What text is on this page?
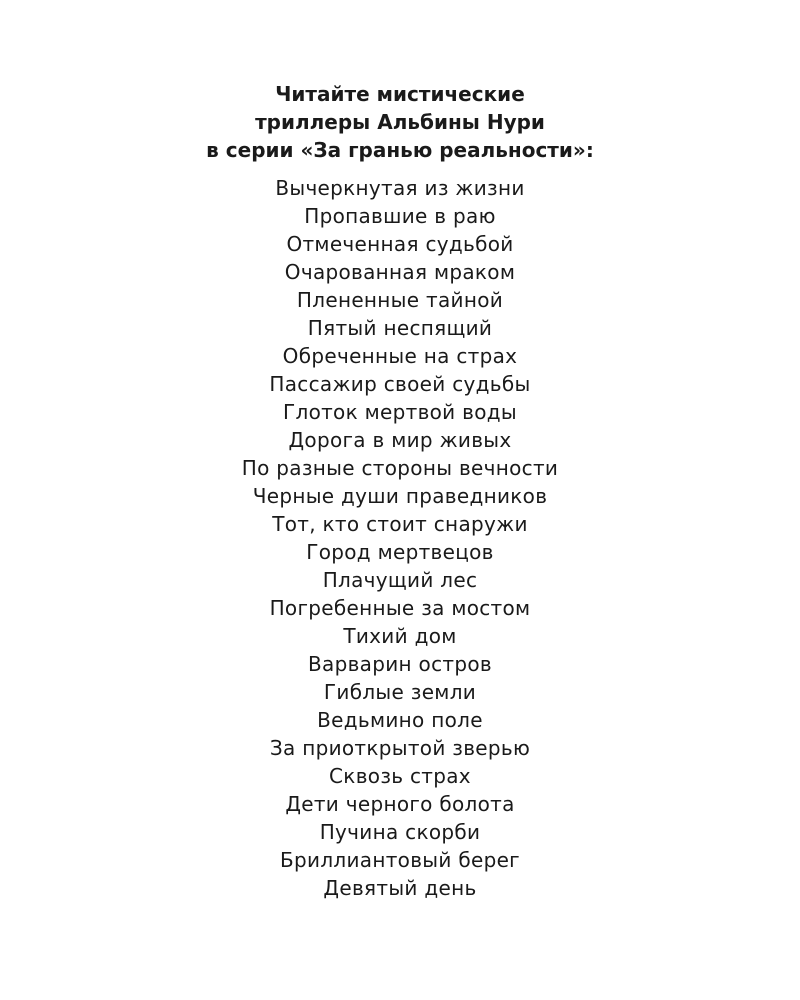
Читайте мистические
триллеры Альбины Нури
в серии «За гранью реальности»:
Вычеркнутая из жизни
Пропавшие в раю
Отмеченная судьбой
Очарованная мраком
Плененные тайной
Пятый неспящий
Обреченные на страх
Пассажир своей судьбы
Глоток мертвой воды
Дорога в мир живых
По разные стороны вечности
Черные души праведников
Тот, кто стоит снаружи
Город мертвецов
Плачущий лес
Погребенные за мостом
Тихий дом
Варварин остров
Гиблые земли
Ведьмино поле
За приоткрытой зверью
Сквозь страх
Дети черного болота
Пучина скорби
Бриллиантовый берег
Девятый день
